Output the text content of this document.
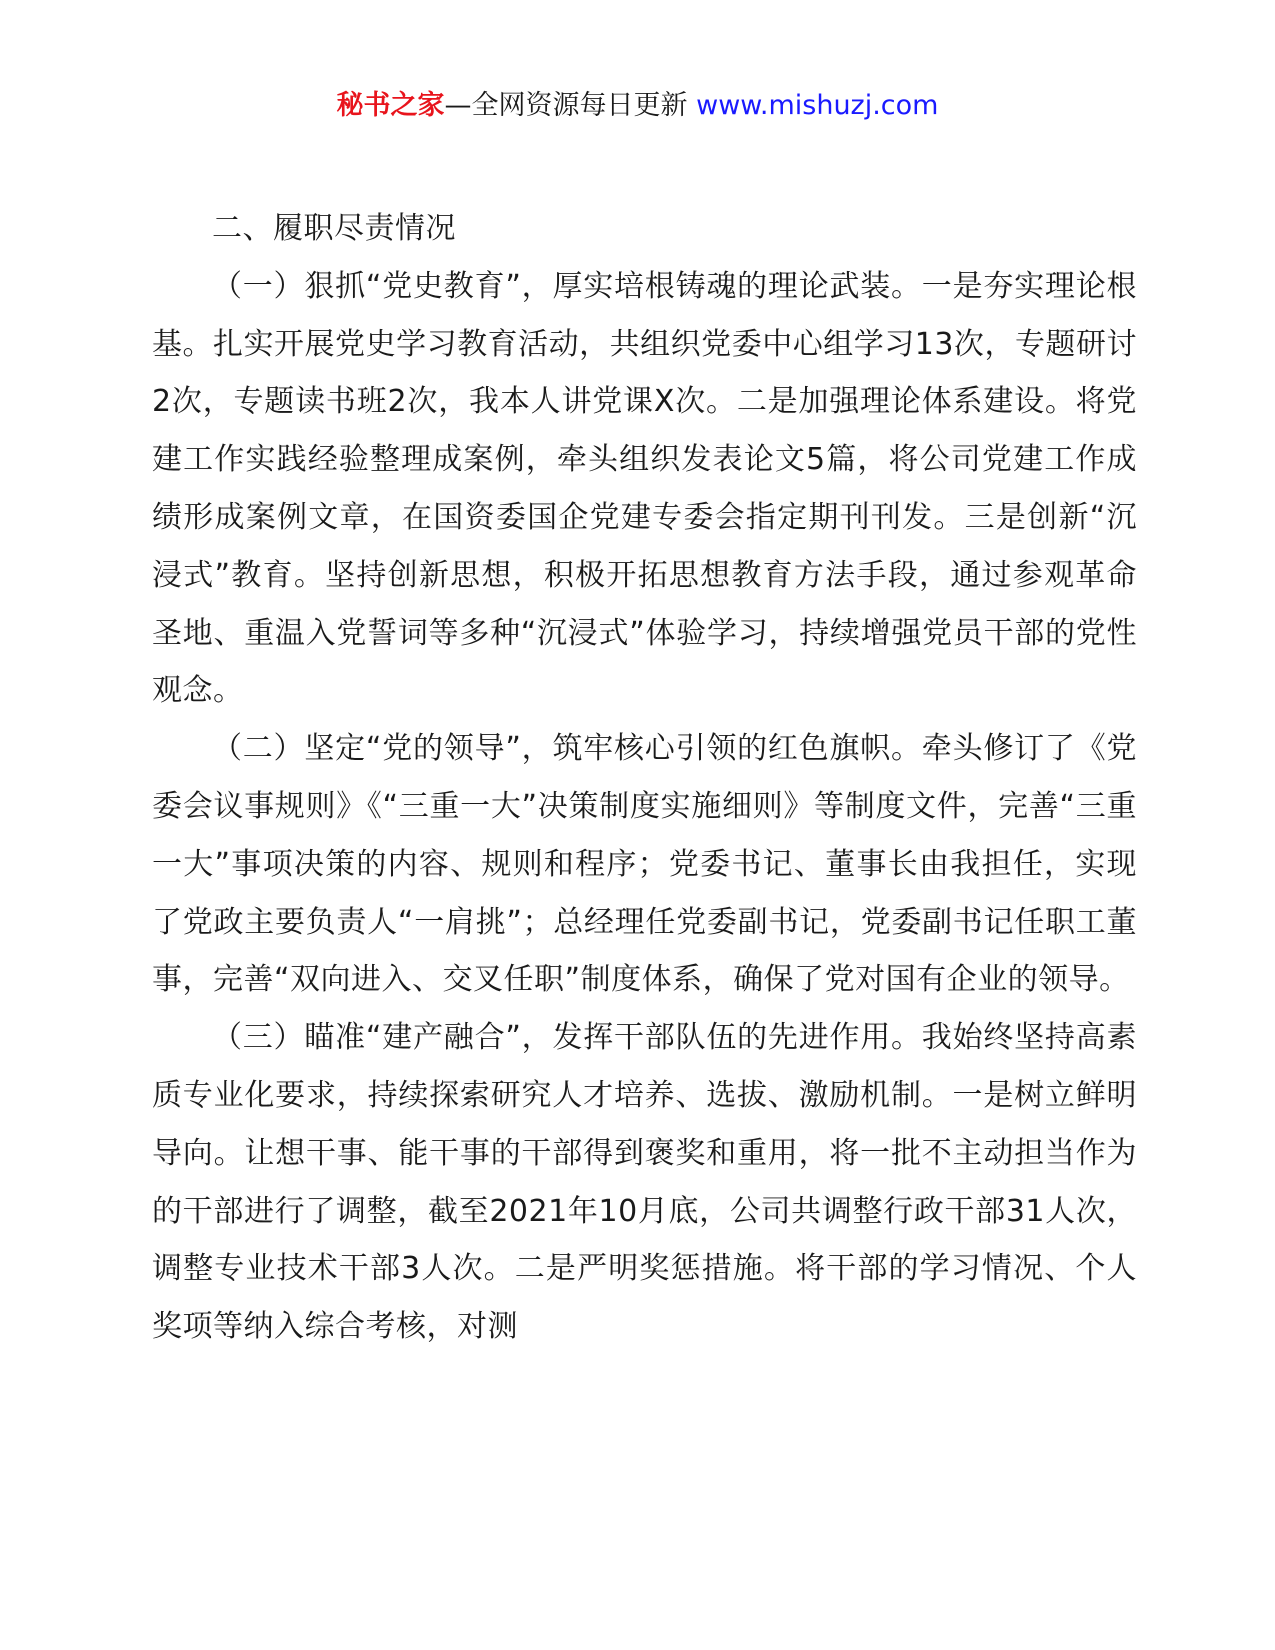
秘书之家—全网资源每日更新 www.mishuzj.com

二、履职尽责情况

（一）狠抓“党史教育”，厚实培根铸魂的理论武装。一是夯实理论根基。扎实开展党史学习教育活动，共组织党委中心组学习13次，专题研讨2次，专题读书班2次，我本人讲党课X次。二是加强理论体系建设。将党建工作实践经验整理成案例，牵头组织发表论文5篇，将公司党建工作成绩形成案例文章，在国资委国企党建专委会指定期刊刊发。三是创新“沉浸式”教育。坚持创新思想，积极开拓思想教育方法手段，通过参观革命圣地、重温入党誓词等多种“沉浸式”体验学习，持续增强党员干部的党性观念。

（二）坚定“党的领导”，筑牢核心引领的红色旗帜。牵头修订了《党委会议事规则》《“三重一大”决策制度实施细则》等制度文件，完善“三重一大”事项决策的内容、规则和程序；党委书记、董事长由我担任，实现了党政主要负责人“一肩挑”；总经理任党委副书记，党委副书记任职工董事，完善“双向进入、交叉任职”制度体系，确保了党对国有企业的领导。

（三）瞄准“建产融合”，发挥干部队伍的先进作用。我始终坚持高素质专业化要求，持续探索研究人才培养、选拔、激励机制。一是树立鲜明导向。让想干事、能干事的干部得到褒奖和重用，将一批不主动担当作为的干部进行了调整，截至2021年10月底，公司共调整行政干部31人次，调整专业技术干部3人次。二是严明奖惩措施。将干部的学习情况、个人奖项等纳入综合考核，对测
